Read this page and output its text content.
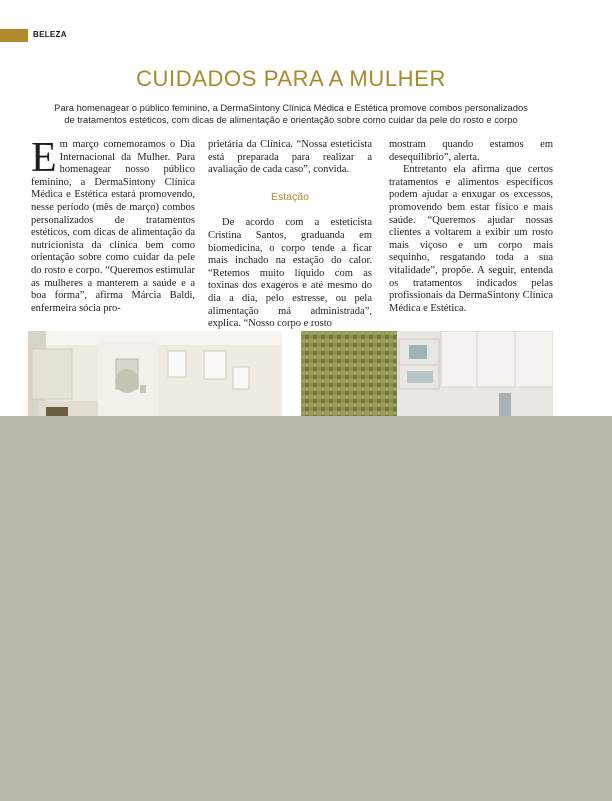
BELEZA
CUIDADOS PARA A MULHER

Para homenagear o público feminino, a DermaSintony Clínica Médica e Estética promove combos personalizados
de tratamentos estéticos, com dicas de alimentação e orientação sobre como cuidar da pele do rosto e corpo

Em março comemoramos o Dia Internacional da Mulher. Para homenagear nosso público feminino, a DermaSintony Clínica Médica e Estética estará promovendo, nesse período (mês de março) combos personalizados de tratamentos estéticos, com dicas de alimentação da nutricionista da clínica bem como orientação sobre como cuidar da pele do rosto e corpo. “Queremos estimular as mulheres a manterem a saúde e a boa forma”, afirma Márcia Baldi, enfermeira sócia pro-

prietária da Clínica. “Nossa esteticista está preparada para realizar a avaliação de cada caso”, convida.

Estação

De acordo com a esteticista Cristina Santos, graduanda em biomedicina, o corpo tende a ficar mais inchado na estação do calor. “Retemos muito líquido com as toxinas dos exageros e até mesmo do dia a dia, pelo estresse, ou pela alimentação má administrada”, explica. “Nosso corpo e rosto

mostram quando estamos em desequilíbrio”, alerta.

Entretanto ela afirma que certos tratamentos e alimentos específicos podem ajudar a enxugar os excessos, promovendo bem estar físico e mais saúde. “Queremos ajudar nossas clientes a voltarem a exibir um rosto mais viçoso e um corpo mais sequinho, resgatando toda a sua vitalidade”, propõe. A seguir, entenda os tratamentos indicados pelas profissionais da DermaSintony Clínica Médica e Estética.
